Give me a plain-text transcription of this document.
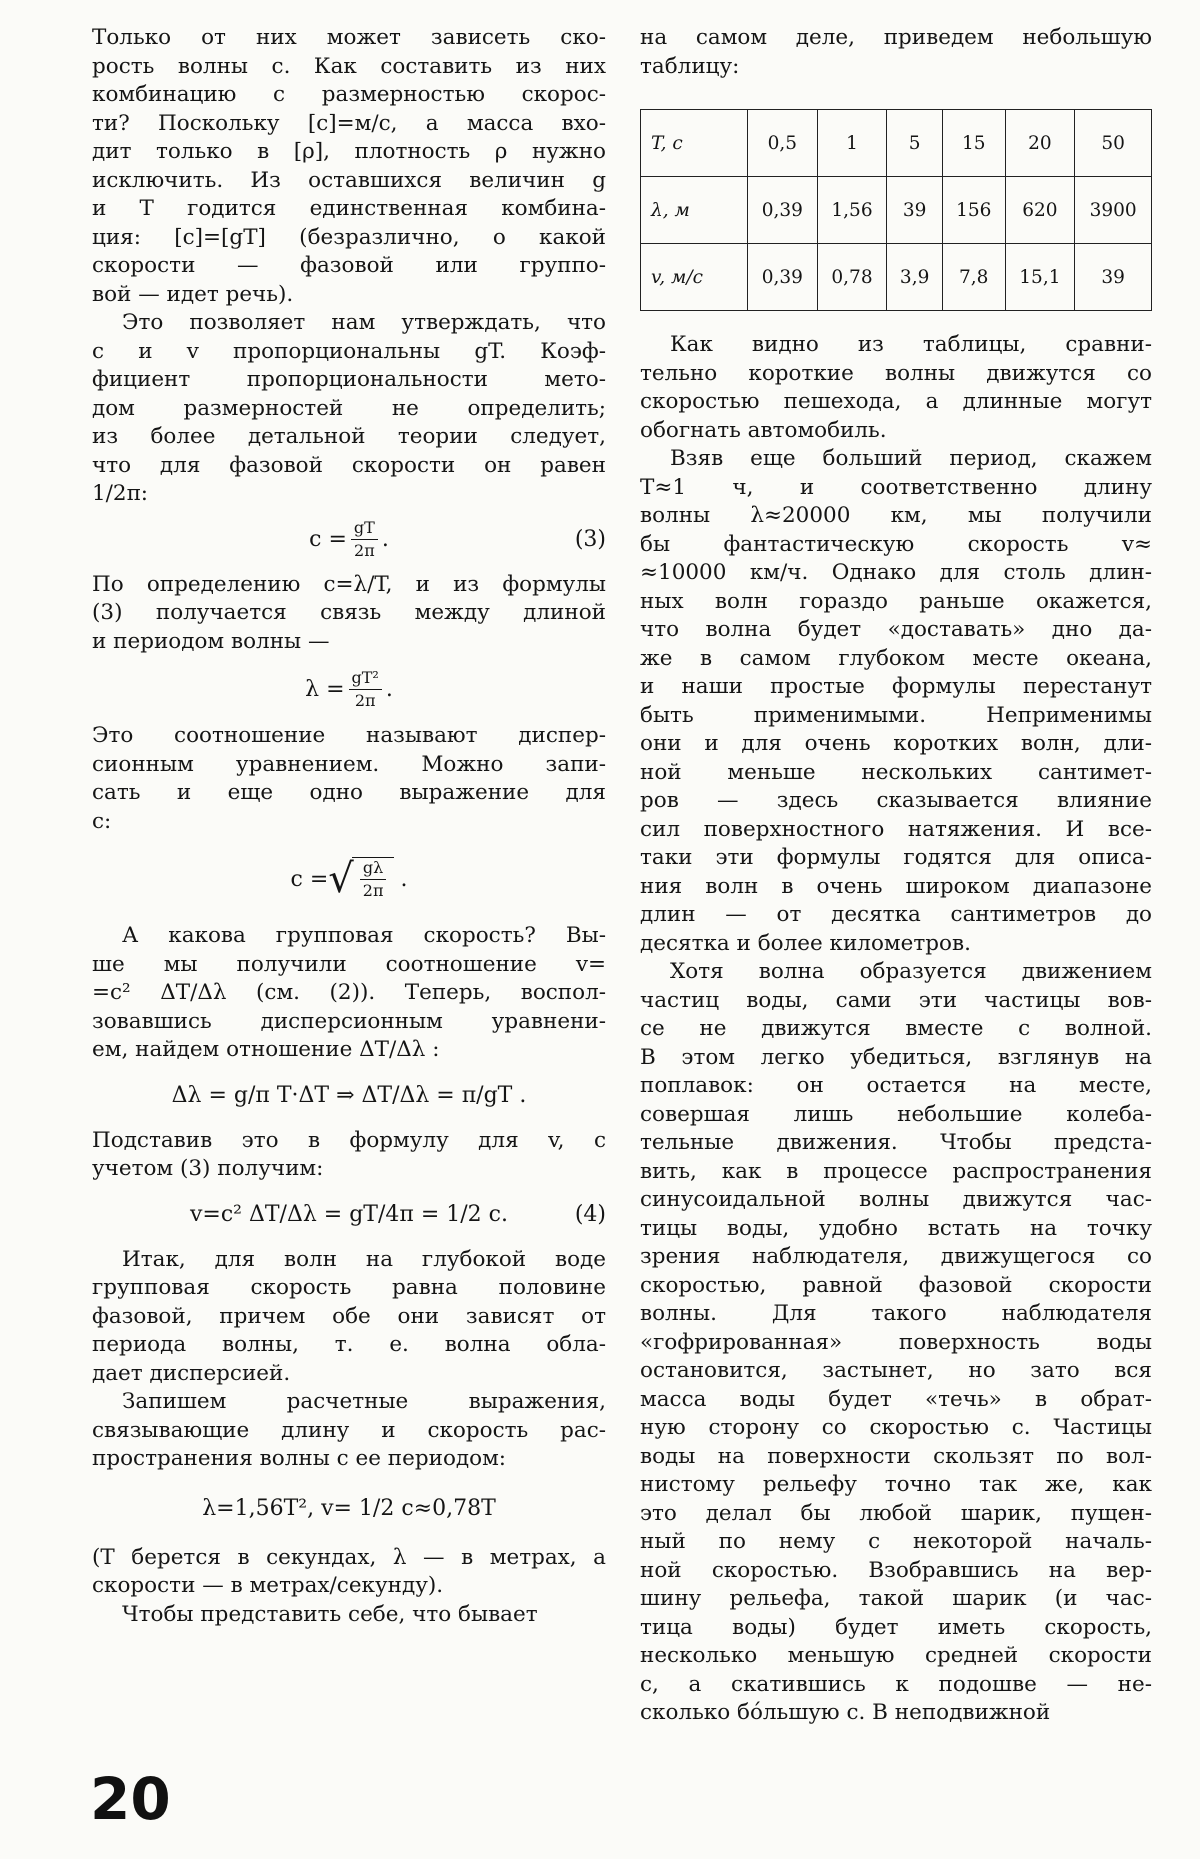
Только от них может зависеть ско-
рость волны c. Как составить из них
комбинацию с размерностью скорос-
ти? Поскольку [c]=м/с, а масса вхо-
дит только в [ρ], плотность ρ нужно
исключить. Из оставшихся величин g
и T годится единственная комбина-
ция: [c]=[gT] (безразлично, о какой
скорости — фазовой или группо-
вой — идет речь).
Это позволяет нам утверждать, что
c и v пропорциональны gT. Коэф-
фициент пропорциональности мето-
дом размерностей не определить;
из более детальной теории следует,
что для фазовой скорости он равен
1/2π:
$c = \frac{gT}{2\pi}$ .	(3)
По определению c=λ/T, и из формулы
(3) получается связь между длиной
и периодом волны —
$\lambda = \frac{\text{gT²}}{2\pi}$ .
Это соотношение называют диспер-
сионным уравнением. Можно запи-
сать и еще одно выражение для
c:
c = √ $\frac{g\lambda}{2\pi}$ .
А какова групповая скорость? Вы-
ше мы получили соотношение v=
=c² ΔT/Δλ (см. (2)). Теперь, воспол-
зовавшись дисперсионным уравнени-
ем, найдем отношение ΔT/Δλ :
Δλ = g/π T·ΔT ⇒ ΔT/Δλ = π/gT .
Подставив это в формулу для v, с
учетом (3) получим:
v=c² ΔT/Δλ = gT/4π = 1/2 c.	(4)
Итак, для волн на глубокой воде
групповая скорость равна половине
фазовой, причем обе они зависят от
периода волны, т. е. волна обла-
дает дисперсией.
Запишем расчетные выражения,
связывающие длину и скорость рас-
пространения волны с ее периодом:
λ=1,56T², v= 1/2 c≈0,78T
(T берется в секундах, λ — в метрах, а
скорости — в метрах/секунду).
Чтобы представить себе, что бывает
на самом деле, приведем небольшую
таблицу:
T, с	0,5	1	5	15	20	50
λ, м	0,39	1,56	39	156	620	3900
v, м/с	0,39	0,78	3,9	7,8	15,1	39
Как видно из таблицы, сравни-
тельно короткие волны движутся со
скоростью пешехода, а длинные могут
обогнать автомобиль.
Взяв еще больший период, скажем
T≈1 ч, и соответственно длину
волны λ≈20000 км, мы получили
бы фантастическую скорость v≈
≈10000 км/ч. Однако для столь длин-
ных волн гораздо раньше окажется,
что волна будет «доставать» дно да-
же в самом глубоком месте океана,
и наши простые формулы перестанут
быть применимыми. Неприменимы
они и для очень коротких волн, дли-
ной меньше нескольких сантимет-
ров — здесь сказывается влияние
сил поверхностного натяжения. И все-
таки эти формулы годятся для описа-
ния волн в очень широком диапазоне
длин — от десятка сантиметров до
десятка и более километров.
Хотя волна образуется движением
частиц воды, сами эти частицы вов-
се не движутся вместе с волной.
В этом легко убедиться, взглянув на
поплавок: он остается на месте,
совершая лишь небольшие колеба-
тельные движения. Чтобы предста-
вить, как в процессе распространения
синусоидальной волны движутся час-
тицы воды, удобно встать на точку
зрения наблюдателя, движущегося со
скоростью, равной фазовой скорости
волны. Для такого наблюдателя
«гофрированная» поверхность воды
остановится, застынет, но зато вся
масса воды будет «течь» в обрат-
ную сторону со скоростью c. Частицы
воды на поверхности скользят по вол-
нистому рельефу точно так же, как
это делал бы любой шарик, пущен-
ный по нему с некоторой началь-
ной скоростью. Взобравшись на вер-
шину рельефа, такой шарик (и час-
тица воды) будет иметь скорость,
несколько меньшую средней скорости
c, а скатившись к подошве — не-
сколько бо́льшую c. В неподвижной
20
